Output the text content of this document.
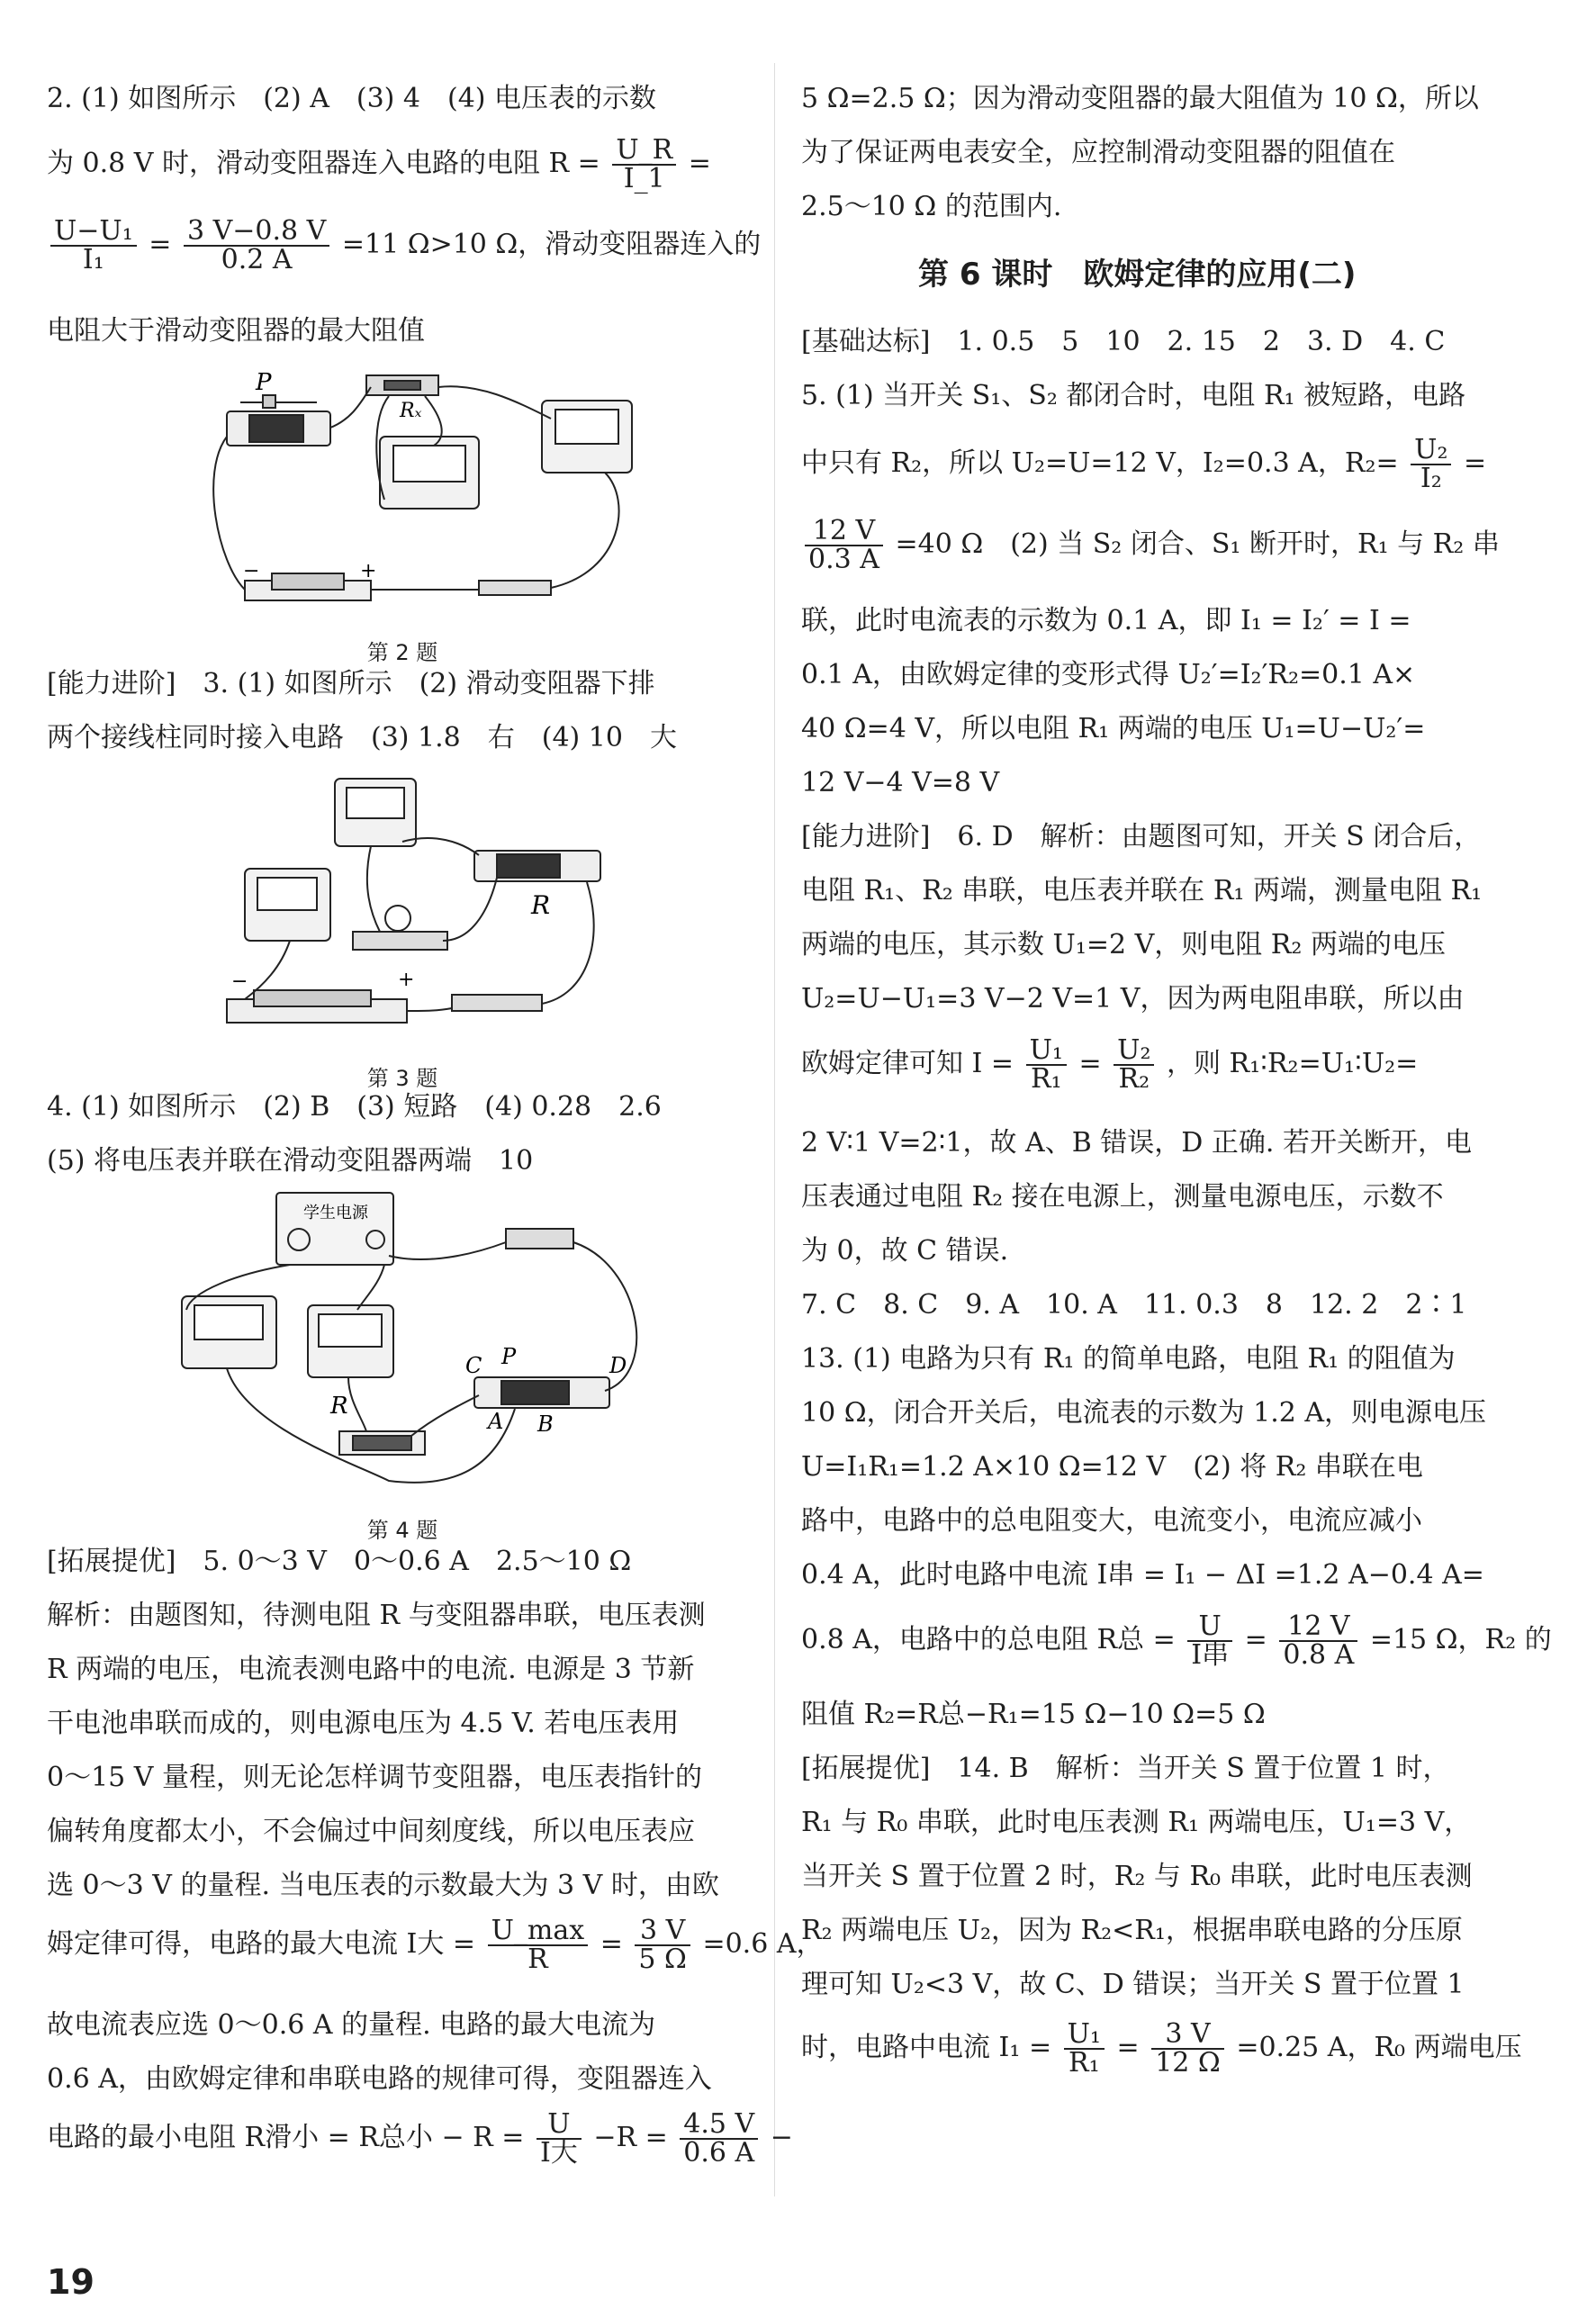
2. (1) 如图所示　(2) A　(3) 4　(4) 电压表的示数
为 0.8 V 时，滑动变阻器连入电路的电阻 $R = \frac{U\_R}{I\_1}$ =
$\frac{\text{U−U₁}}{\text{I₁}} = \frac{3 V-0.8 V}{0.2 A} =11$ Ω>10 Ω，滑动变阻器连入的
电阻大于滑动变阻器的最大阻值
P
Rₓ
+
−
第 2 题
[能力进阶]　3. (1) 如图所示　(2) 滑动变阻器下排
两个接线柱同时接入电路　(3) 1.8　右　(4) 10　大
R
+
−
第 3 题
4. (1) 如图所示　(2) B　(3) 短路　(4) 0.28　2.6
(5) 将电压表并联在滑动变阻器两端　10
学生电源
C P	D
A B
R
第 4 题
[拓展提优]　5. 0～3 V　0～0.6 A　2.5～10 Ω
解析：由题图知，待测电阻 R 与变阻器串联，电压表测
R 两端的电压，电流表测电路中的电流. 电源是 3 节新
干电池串联而成的，则电源电压为 4.5 V. 若电压表用
0～15 V 量程，则无论怎样调节变阻器，电压表指针的
偏转角度都太小，不会偏过中间刻度线，所以电压表应
选 0～3 V 的量程. 当电压表的示数最大为 3 V 时，由欧
姆定律可得，电路的最大电流 I大 = $\frac{U\_\max}{R} = \frac{3 V}{5 \Omega} =0.6$ A，
故电流表应选 0～0.6 A 的量程. 电路的最大电流为
0.6 A，由欧姆定律和串联电路的规律可得，变阻器连入
电路的最小电阻 R滑小 = R总小 − $R = \frac{U}{\text{I大}} -R = \frac{4.5 V}{0.6 A}$ −
19
5 Ω=2.5 Ω；因为滑动变阻器的最大阻值为 10 Ω，所以
为了保证两电表安全，应控制滑动变阻器的阻值在
2.5～10 Ω 的范围内.
第 6 课时　欧姆定律的应用(二)
[基础达标]　1. 0.5　5　10　2. 15　2　3. D　4. C
5. (1) 当开关 S₁、S₂ 都闭合时，电阻 R₁ 被短路，电路
中只有 R₂，所以 U₂=U=12 V，I₂=0.3 A，$R_2= \frac{\text{U₂}}{\text{I₂}}$ =
$\frac{12 V}{0.3 A} =40$ Ω　(2) 当 S₂ 闭合、S₁ 断开时，R₁ 与 R₂ 串
联，此时电流表的示数为 0.1 A，即 I₁ = I₂′ = I =
0.1 A，由欧姆定律的变形式得 U₂′=I₂′R₂=0.1 A×
40 Ω=4 V，所以电阻 R₁ 两端的电压 U₁=U−U₂′=
12 V−4 V=8 V
[能力进阶]　6. D　解析：由题图可知，开关 S 闭合后，
电阻 R₁、R₂ 串联，电压表并联在 R₁ 两端，测量电阻 R₁
两端的电压，其示数 U₁=2 V，则电阻 R₂ 两端的电压
U₂=U−U₁=3 V−2 V=1 V，因为两电阻串联，所以由
欧姆定律可知 $I = \frac{\text{U₁}}{\text{R₁}} = \frac{\text{U₂}}{\text{R₂}}$ ，则 R₁∶R₂=U₁∶U₂=
2 V∶1 V=2∶1，故 A、B 错误，D 正确. 若开关断开，电
压表通过电阻 R₂ 接在电源上，测量电源电压，示数不
为 0，故 C 错误.
7. C　8. C　9. A　10. A　11. 0.3　8　12. 2　2∶1
13. (1) 电路为只有 R₁ 的简单电路，电阻 R₁ 的阻值为
10 Ω，闭合开关后，电流表的示数为 1.2 A，则电源电压
U=I₁R₁=1.2 A×10 Ω=12 V　(2) 将 R₂ 串联在电
路中，电路中的总电阻变大，电流变小，电流应减小
0.4 A，此时电路中电流 I串 = I₁ − ΔI =1.2 A−0.4 A=
0.8 A，电路中的总电阻 R总 = $\frac{U}{\text{I串}} = \frac{12 V}{0.8 A} =15$ Ω，R₂ 的
阻值 R₂=R总−R₁=15 Ω−10 Ω=5 Ω
[拓展提优]　14. B　解析：当开关 S 置于位置 1 时，
R₁ 与 R₀ 串联，此时电压表测 R₁ 两端电压，U₁=3 V，
当开关 S 置于位置 2 时，R₂ 与 R₀ 串联，此时电压表测
R₂ 两端电压 U₂，因为 R₂<R₁，根据串联电路的分压原
理可知 U₂<3 V，故 C、D 错误；当开关 S 置于位置 1
时，电路中电流 $I_1 = \frac{\text{U₁}}{\text{R₁}} = \frac{3 V}{12 \Omega} =0.25$ A，R₀ 两端电压
